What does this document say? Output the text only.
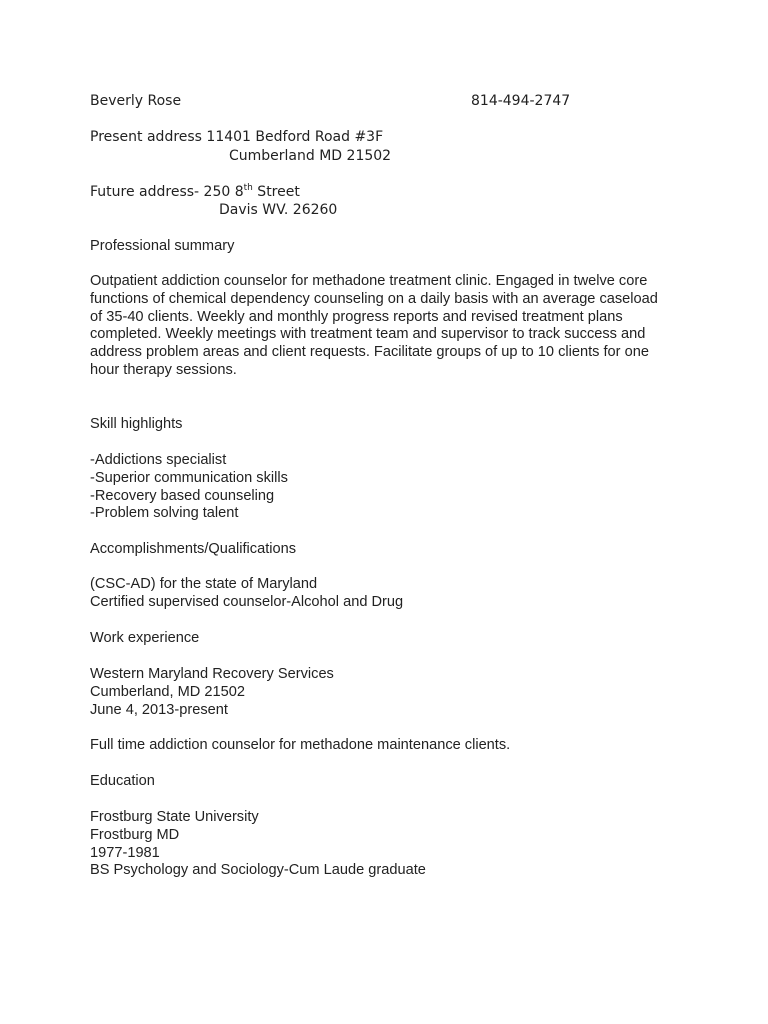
Beverly Rose	814-494-2747
Present address 11401 Bedford Road #3F
Cumberland MD 21502
Future address- 250 8th Street
Davis WV. 26260
Professional summary
Outpatient addiction counselor for methadone treatment clinic. Engaged in twelve core
functions of chemical dependency counseling on a daily basis with an average caseload
of 35-40 clients. Weekly and monthly progress reports and revised treatment plans
completed. Weekly meetings with treatment team and supervisor to track success and
address problem areas and client requests. Facilitate groups of up to 10 clients for one
hour therapy sessions.
Skill highlights
-Addictions specialist
-Superior communication skills
-Recovery based counseling
-Problem solving talent
Accomplishments/Qualifications
(CSC-AD) for the state of Maryland
Certified supervised counselor-Alcohol and Drug
Work experience
Western Maryland Recovery Services
Cumberland, MD 21502
June 4, 2013-present
Full time addiction counselor for methadone maintenance clients.
Education
Frostburg State University
Frostburg MD
1977-1981
BS Psychology and Sociology-Cum Laude graduate
